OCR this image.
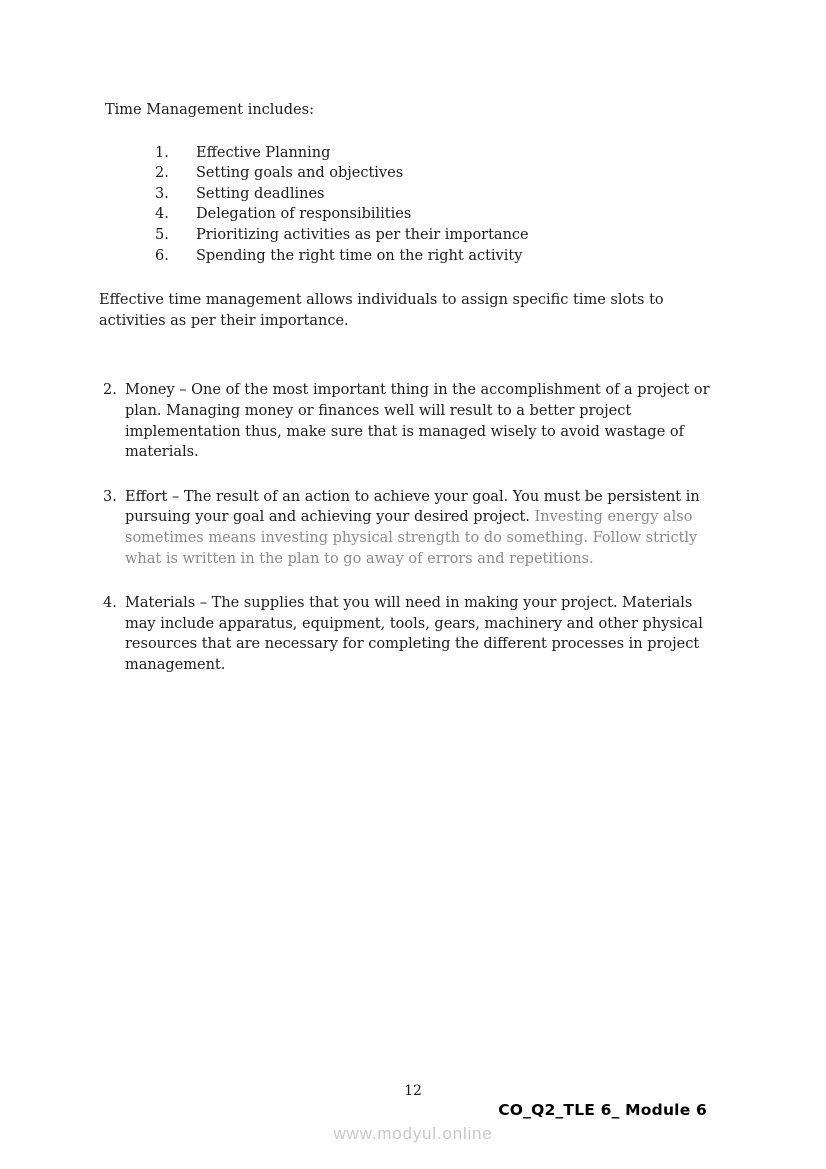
Time Management includes:

1.	Effective Planning
2.	Setting goals and objectives
3.	Setting deadlines
4.	Delegation of responsibilities
5.	Prioritizing activities as per their importance
6.	Spending the right time on the right activity

Effective time management allows individuals to assign specific time slots to activities as per their importance.

2. Money – One of the most important thing in the accomplishment of a project or plan. Managing money or finances well will result to a better project implementation thus, make sure that is managed wisely to avoid wastage of materials.
3. Effort – The result of an action to achieve your goal. You must be persistent in pursuing your goal and achieving your desired project. Investing energy also sometimes means investing physical strength to do something. Follow strictly what is written in the plan to go away of errors and repetitions.
4. Materials – The supplies that you will need in making your project. Materials may include apparatus, equipment, tools, gears, machinery and other physical resources that are necessary for completing the different processes in project management.
12
CO_Q2_TLE 6_ Module 6
www.modyul.online
